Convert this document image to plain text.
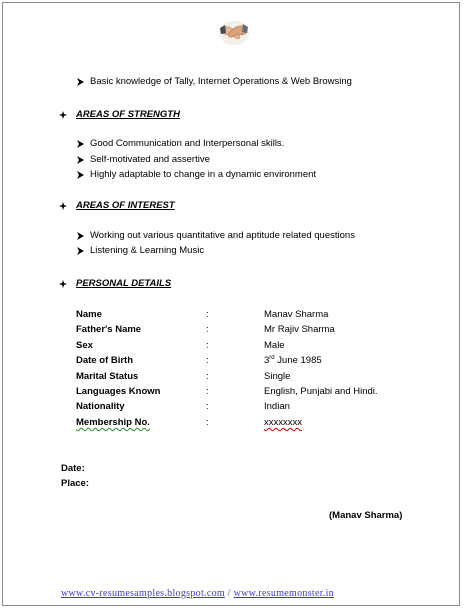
Basic knowledge of Tally, Internet Operations & Web Browsing
AREAS OF STRENGTH
Good Communication and Interpersonal skills.
Self-motivated and assertive
Highly adaptable to change in a dynamic environment
AREAS OF INTEREST
Working out various quantitative and aptitude related questions
Listening & Learning Music
PERSONAL DETAILS
Name	:	Manav Sharma
Father's Name	:	Mr Rajiv Sharma
Sex	:	Male
Date of Birth	:	3rd June 1985
Marital Status	:	Single
Languages Known	:	English, Punjabi and Hindi.
Nationality	:	Indian
Membership No.	:	xxxxxxxx
Date:
Place:
(Manav Sharma)
www.cv-resumesamples.blogspot.com / www.resumemonster.in
